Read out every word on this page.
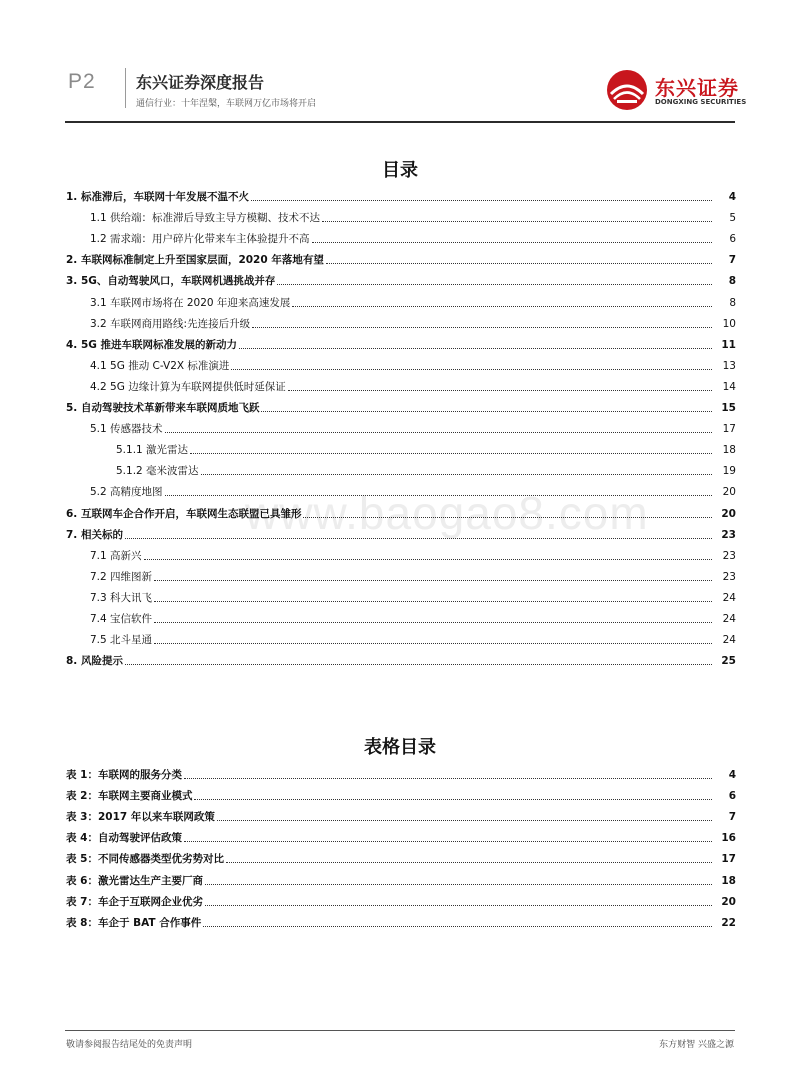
P2	东兴证券深度报告
通信行业：十年涅槃，车联网万亿市场将开启
东兴证券
DONGXING SECURITIES
www.baogao8.com
目录
1. 标准滞后，车联网十年发展不温不火	4
1.1 供给端：标准滞后导致主导方模糊、技术不达	5
1.2 需求端：用户碎片化带来车主体验提升不高	6
2. 车联网标准制定上升至国家层面，2020 年落地有望	7
3. 5G、自动驾驶风口，车联网机遇挑战并存	8
3.1 车联网市场将在 2020 年迎来高速发展	8
3.2 车联网商用路线:先连接后升级	10
4. 5G 推进车联网标准发展的新动力	11
4.1 5G 推动 C-V2X 标准演进	13
4.2 5G 边缘计算为车联网提供低时延保证	14
5. 自动驾驶技术革新带来车联网质地飞跃	15
5.1 传感器技术	17
5.1.1 激光雷达	18
5.1.2 毫米波雷达	19
5.2 高精度地图	20
6. 互联网车企合作开启，车联网生态联盟已具雏形	20
7. 相关标的	23
7.1 高新兴	23
7.2 四维图新	23
7.3 科大讯飞	24
7.4 宝信软件	24
7.5 北斗星通	24
8. 风险提示	25
表格目录
表 1：车联网的服务分类	4
表 2：车联网主要商业模式	6
表 3：2017 年以来车联网政策	7
表 4：自动驾驶评估政策	16
表 5：不同传感器类型优劣势对比	17
表 6：激光雷达生产主要厂商	18
表 7：车企于互联网企业优劣	20
表 8：车企于 BAT 合作事件	22
敬请参阅报告结尾处的免责声明	东方财智 兴盛之源
